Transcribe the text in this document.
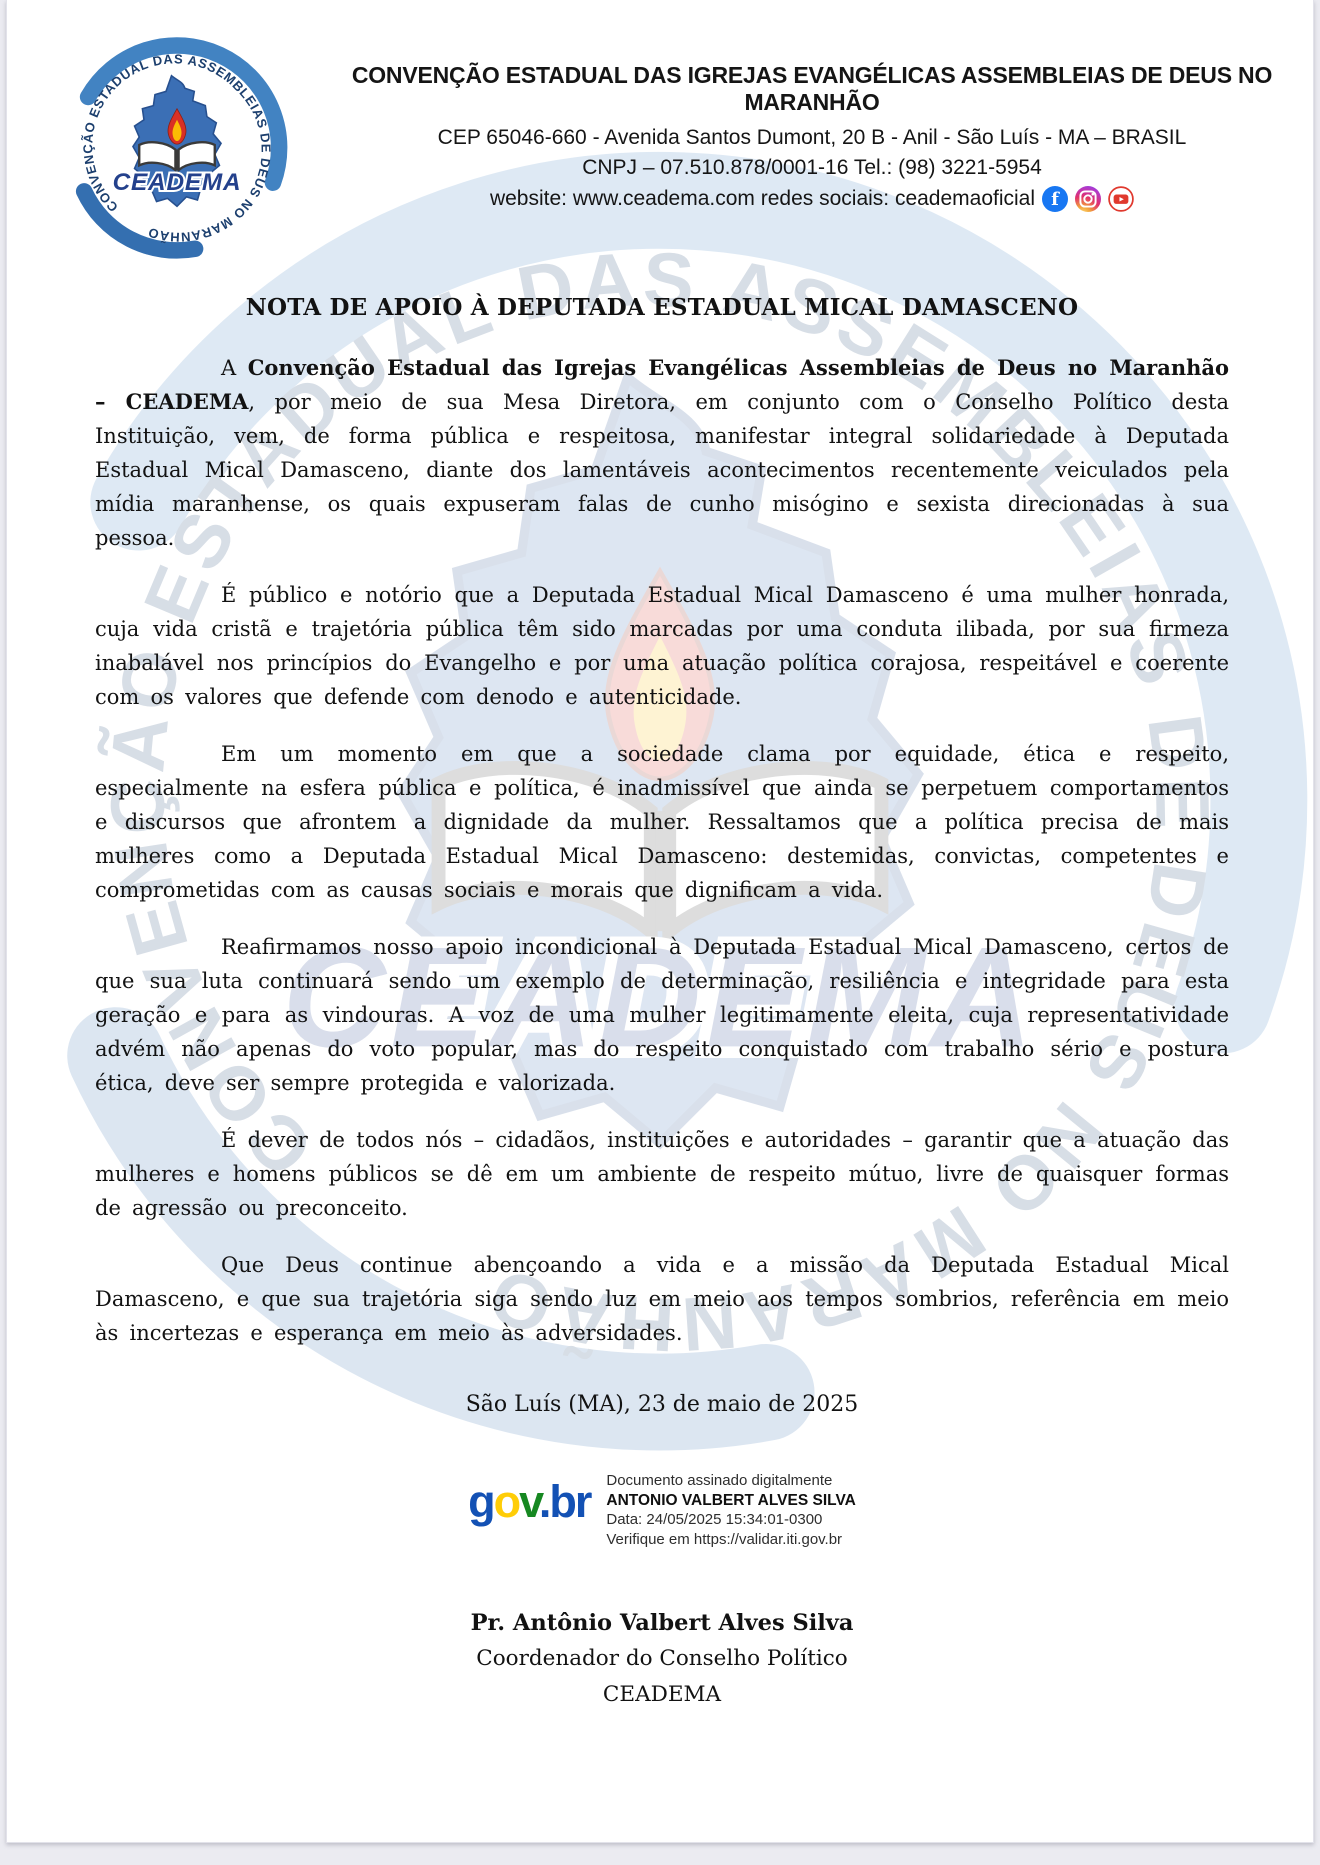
CONVENÇÃO ESTADUAL DAS IGREJAS EVANGÉLICAS ASSEMBLEIAS DE DEUS NO MARANHÃO
CEP 65046-660 - Avenida Santos Dumont, 20 B - Anil - São Luís - MA – BRASIL
CNPJ – 07.510.878/0001-16 Tel.: (98) 3221-5954
website: www.ceadema.com redes sociais: ceademaoficial f
NOTA DE APOIO À DEPUTADA ESTADUAL MICAL DAMASCENO

A Convenção Estadual das Igrejas Evangélicas Assembleias de Deus no Maranhão – CEADEMA, por meio de sua Mesa Diretora, em conjunto com o Conselho Político desta Instituição, vem, de forma pública e respeitosa, manifestar integral solidariedade à Deputada Estadual Mical Damasceno, diante dos lamentáveis acontecimentos recentemente veiculados pela mídia maranhense, os quais expuseram falas de cunho misógino e sexista direcionadas à sua pessoa.

É público e notório que a Deputada Estadual Mical Damasceno é uma mulher honrada, cuja vida cristã e trajetória pública têm sido marcadas por uma conduta ilibada, por sua firmeza inabalável nos princípios do Evangelho e por uma atuação política corajosa, respeitável e coerente com os valores que defende com denodo e autenticidade.

Em um momento em que a sociedade clama por equidade, ética e respeito, especialmente na esfera pública e política, é inadmissível que ainda se perpetuem comportamentos e discursos que afrontem a dignidade da mulher. Ressaltamos que a política precisa de mais mulheres como a Deputada Estadual Mical Damasceno: destemidas, convictas, competentes e comprometidas com as causas sociais e morais que dignificam a vida.

Reafirmamos nosso apoio incondicional à Deputada Estadual Mical Damasceno, certos de que sua luta continuará sendo um exemplo de determinação, resiliência e integridade para esta geração e para as vindouras. A voz de uma mulher legitimamente eleita, cuja representatividade advém não apenas do voto popular, mas do respeito conquistado com trabalho sério e postura ética, deve ser sempre protegida e valorizada.

É dever de todos nós – cidadãos, instituições e autoridades – garantir que a atuação das mulheres e homens públicos se dê em um ambiente de respeito mútuo, livre de quaisquer formas de agressão ou preconceito.

Que Deus continue abençoando a vida e a missão da Deputada Estadual Mical Damasceno, e que sua trajetória siga sendo luz em meio aos tempos sombrios, referência em meio às incertezas e esperança em meio às adversidades.

São Luís (MA), 23 de maio de 2025
gov.br Documento assinado digitalmente
ANTONIO VALBERT ALVES SILVA
Data: 24/05/2025 15:34:01-0300
Verifique em https://validar.iti.gov.br
Pr. Antônio Valbert Alves Silva
Coordenador do Conselho Político
CEADEMA
